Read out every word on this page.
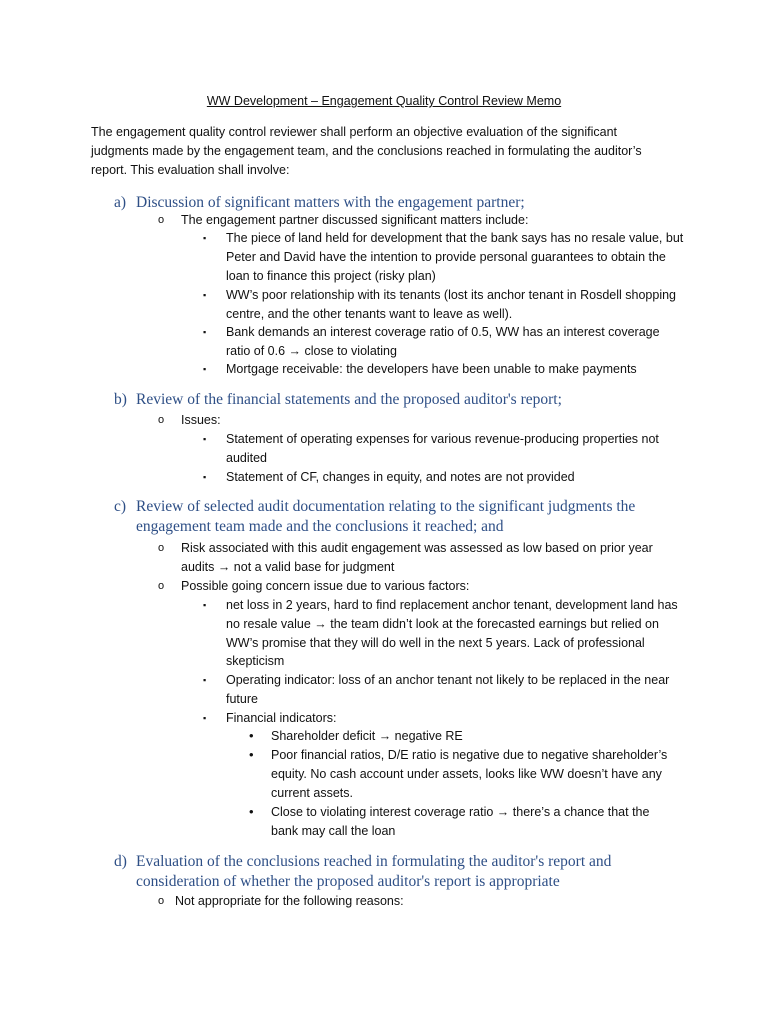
WW Development – Engagement Quality Control Review Memo
The engagement quality control reviewer shall perform an objective evaluation of the significant judgments made by the engagement team, and the conclusions reached in formulating the auditor’s report. This evaluation shall involve:
a) Discussion of significant matters with the engagement partner;
o The engagement partner discussed significant matters include:
▪ The piece of land held for development that the bank says has no resale value, but Peter and David have the intention to provide personal guarantees to obtain the loan to finance this project (risky plan)
▪ WW’s poor relationship with its tenants (lost its anchor tenant in Rosdell shopping centre, and the other tenants want to leave as well).
▪ Bank demands an interest coverage ratio of 0.5, WW has an interest coverage ratio of 0.6 → close to violating
▪ Mortgage receivable: the developers have been unable to make payments
b) Review of the financial statements and the proposed auditor's report;
o Issues:
▪ Statement of operating expenses for various revenue-producing properties not audited
▪ Statement of CF, changes in equity, and notes are not provided
c) Review of selected audit documentation relating to the significant judgments the engagement team made and the conclusions it reached; and
o Risk associated with this audit engagement was assessed as low based on prior year audits → not a valid base for judgment
o Possible going concern issue due to various factors:
▪ net loss in 2 years, hard to find replacement anchor tenant, development land has no resale value → the team didn’t look at the forecasted earnings but relied on WW’s promise that they will do well in the next 5 years. Lack of professional skepticism
▪ Operating indicator: loss of an anchor tenant not likely to be replaced in the near future
▪ Financial indicators:
• Shareholder deficit → negative RE
• Poor financial ratios, D/E ratio is negative due to negative shareholder’s equity. No cash account under assets, looks like WW doesn’t have any current assets.
• Close to violating interest coverage ratio → there’s a chance that the bank may call the loan
d) Evaluation of the conclusions reached in formulating the auditor's report and consideration of whether the proposed auditor's report is appropriate
o Not appropriate for the following reasons:
